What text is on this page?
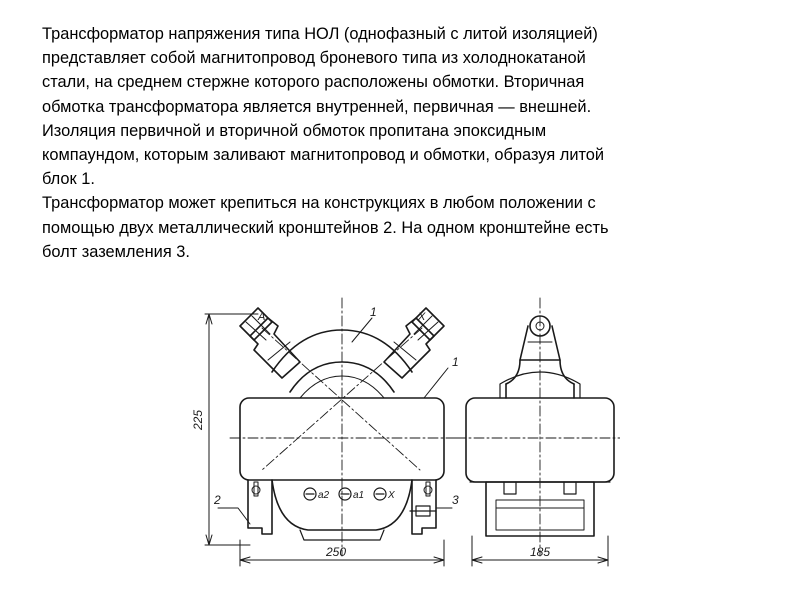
Трансформатор напряжения типа НОЛ (однофазный с литой изоляцией)
представляет собой магнитопровод броневого типа из холоднокатаной
стали, на среднем стержне которого расположены обмотки. Вторичная
обмотка трансформатора является внутренней, первичная — внешней.
Изоляция первичной и вторичной обмоток пропитана эпоксидным
компаундом, которым заливают магнитопровод и обмотки, образуя литой
блок 1.
Трансформатор может крепиться на конструкциях в любом положении с
помощью двух металлический кронштейнов 2. На одном кронштейне есть
болт заземления 3.
225
A	X
1
1
a2 a1 X
2	3
250	185
